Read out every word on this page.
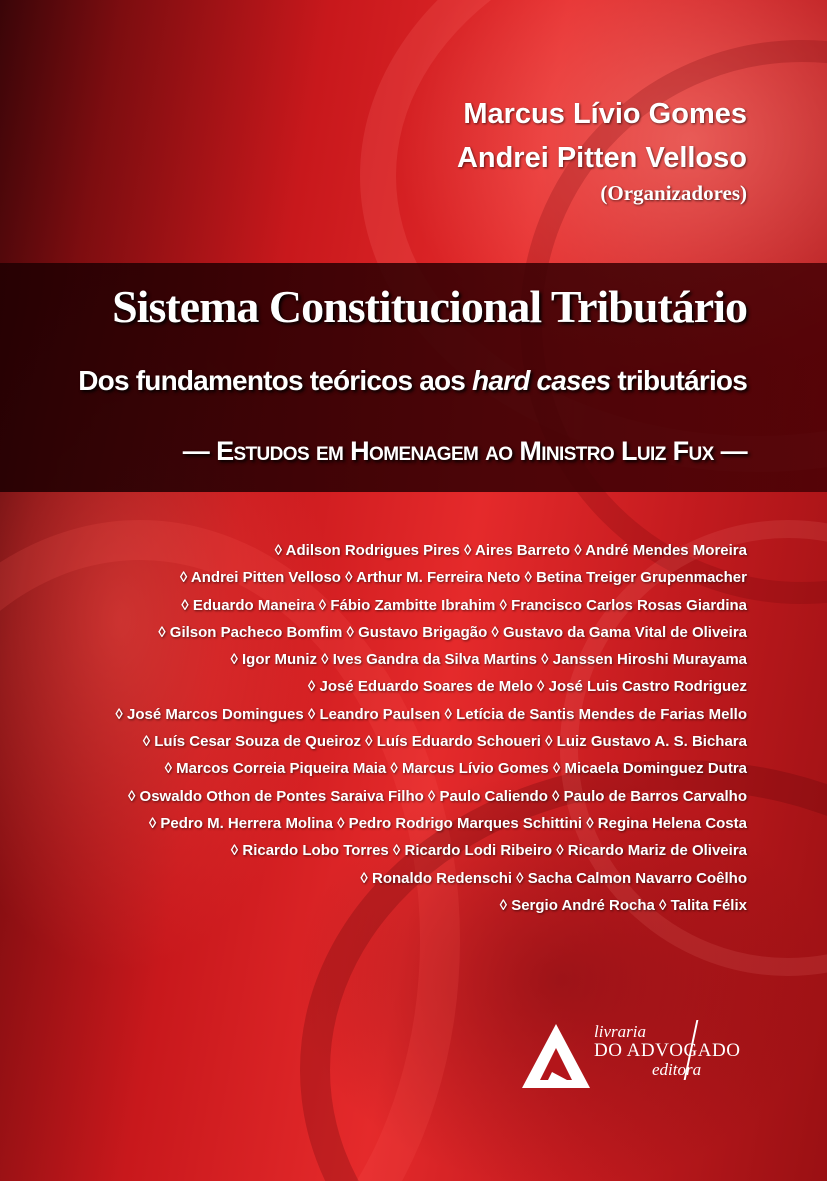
Marcus Lívio Gomes
Andrei Pitten Velloso
(Organizadores)
Sistema Constitucional Tributário
Dos fundamentos teóricos aos hard cases tributários
— Estudos em Homenagem ao Ministro Luiz Fux —
◊ Adilson Rodrigues Pires ◊ Aires Barreto ◊ André Mendes Moreira
◊ Andrei Pitten Velloso ◊ Arthur M. Ferreira Neto ◊ Betina Treiger Grupenmacher
◊ Eduardo Maneira ◊ Fábio Zambitte Ibrahim ◊ Francisco Carlos Rosas Giardina
◊ Gilson Pacheco Bomfim ◊ Gustavo Brigagão ◊ Gustavo da Gama Vital de Oliveira
◊ Igor Muniz ◊ Ives Gandra da Silva Martins ◊ Janssen Hiroshi Murayama
◊ José Eduardo Soares de Melo ◊ José Luis Castro Rodriguez
◊ José Marcos Domingues ◊ Leandro Paulsen ◊ Letícia de Santis Mendes de Farias Mello
◊ Luís Cesar Souza de Queiroz ◊ Luís Eduardo Schoueri ◊ Luiz Gustavo A. S. Bichara
◊ Marcos Correia Piqueira Maia ◊ Marcus Lívio Gomes ◊ Micaela Dominguez Dutra
◊ Oswaldo Othon de Pontes Saraiva Filho ◊ Paulo Caliendo ◊ Paulo de Barros Carvalho
◊ Pedro M. Herrera Molina ◊ Pedro Rodrigo Marques Schittini ◊ Regina Helena Costa
◊ Ricardo Lobo Torres ◊ Ricardo Lodi Ribeiro ◊ Ricardo Mariz de Oliveira
◊ Ronaldo Redenschi ◊ Sacha Calmon Navarro Coêlho
◊ Sergio André Rocha ◊ Talita Félix
livraria
DO ADVOGADO
editora
